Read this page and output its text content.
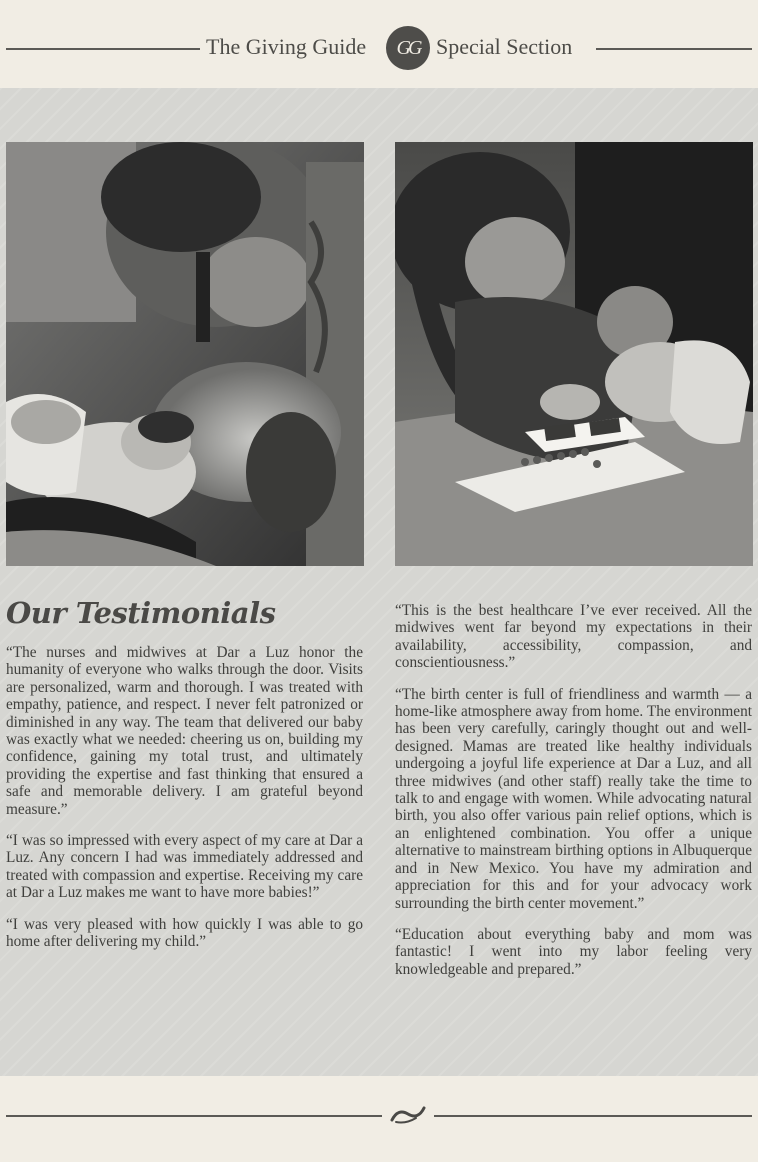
The Giving Guide	GG Special Section
Our Testimonials

“The nurses and midwives at Dar a Luz honor the humanity of everyone who walks through the door. Visits are personalized, warm and thorough. I was treated with empathy, patience, and respect. I never felt patronized or diminished in any way. The team that delivered our baby was exactly what we needed: cheering us on, building my confidence, gaining my total trust, and ultimately providing the expertise and fast thinking that ensured a safe and memorable delivery. I am grateful beyond measure.”

“I was so impressed with every aspect of my care at Dar a Luz. Any concern I had was immediately addressed and treated with compassion and expertise. Receiving my care at Dar a Luz makes me want to have more babies!”

“I was very pleased with how quickly I was able to go home after delivering my child.”

“This is the best healthcare I’ve ever received. All the midwives went far beyond my expectations in their availability, accessibility, compassion, and conscientiousness.”

“The birth center is full of friendliness and warmth — a home-like atmosphere away from home. The environment has been very carefully, caringly thought out and well-designed. Mamas are treated like healthy individuals undergoing a joyful life experience at Dar a Luz, and all three midwives (and other staff) really take the time to talk to and engage with women. While advocating natural birth, you also offer various pain relief options, which is an enlightened combination. You offer a unique alternative to mainstream birthing options in Albuquerque and in New Mexico. You have my admiration and appreciation for this and for your advocacy work surrounding the birth center movement.”

“Education about everything baby and mom was fantastic! I went into my labor feeling very knowledgeable and prepared.”
